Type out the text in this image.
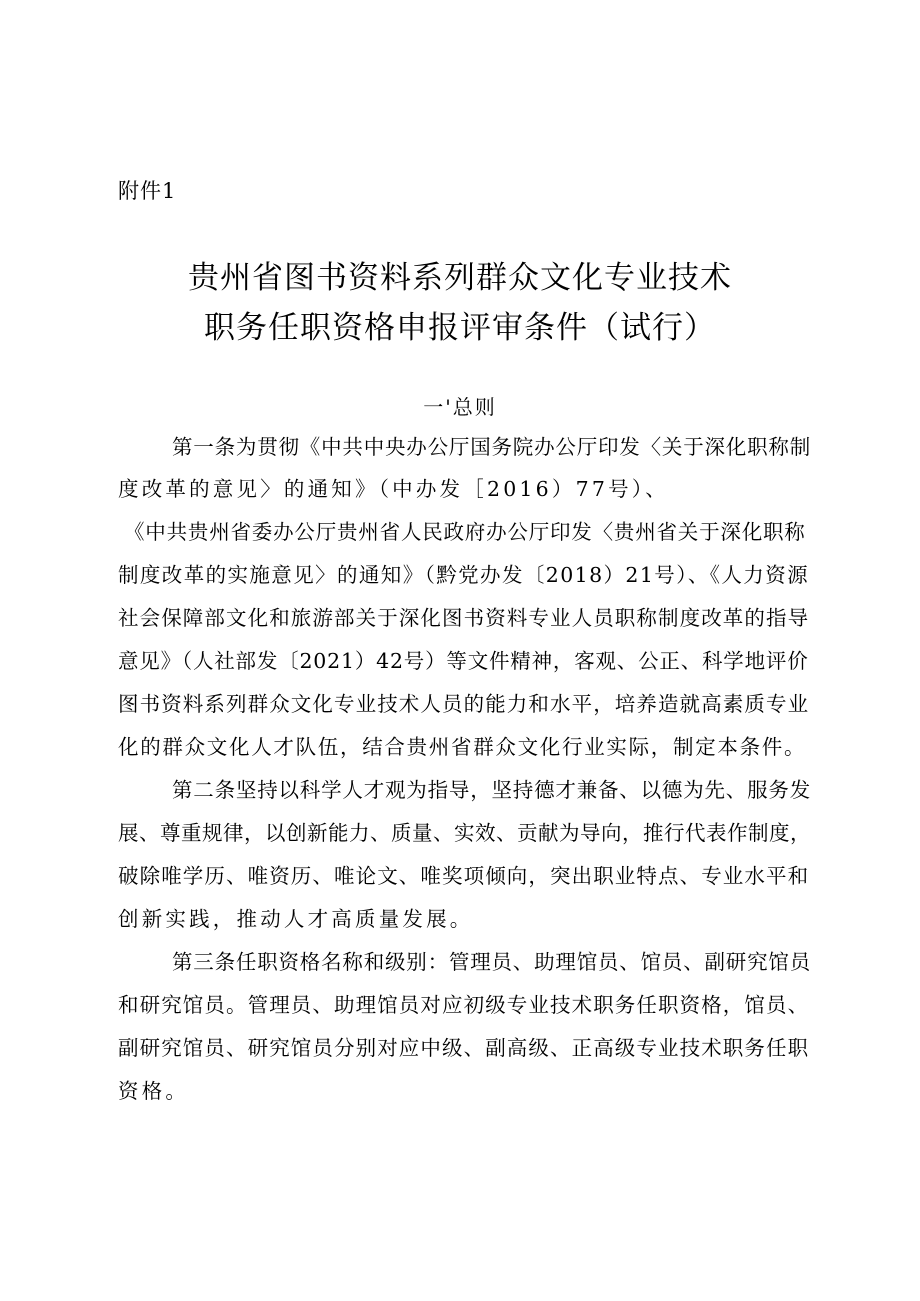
附件1
贵州省图书资料系列群众文化专业技术
职务任职资格申报评审条件（试行）
一'总则
第一条为贯彻《中共中央办公厅国务院办公厅印发〈关于深化职称制
度改革的意见〉的通知》（中办发［2016）77号）、
《中共贵州省委办公厅贵州省人民政府办公厅印发〈贵州省关于深化职称
制度改革的实施意见〉的通知》（黔党办发〔2018）21号）、《人力资源
社会保障部文化和旅游部关于深化图书资料专业人员职称制度改革的指导
意见》（人社部发〔2021）42号）等文件精神，客观、公正、科学地评价
图书资料系列群众文化专业技术人员的能力和水平，培养造就高素质专业
化的群众文化人才队伍，结合贵州省群众文化行业实际，制定本条件。
第二条坚持以科学人才观为指导，坚持德才兼备、以德为先、服务发
展、尊重规律，以创新能力、质量、实效、贡献为导向，推行代表作制度，
破除唯学历、唯资历、唯论文、唯奖项倾向，突出职业特点、专业水平和
创新实践，推动人才高质量发展。
第三条任职资格名称和级别：管理员、助理馆员、馆员、副研究馆员
和研究馆员。管理员、助理馆员对应初级专业技术职务任职资格，馆员、
副研究馆员、研究馆员分别对应中级、副高级、正高级专业技术职务任职
资格。
